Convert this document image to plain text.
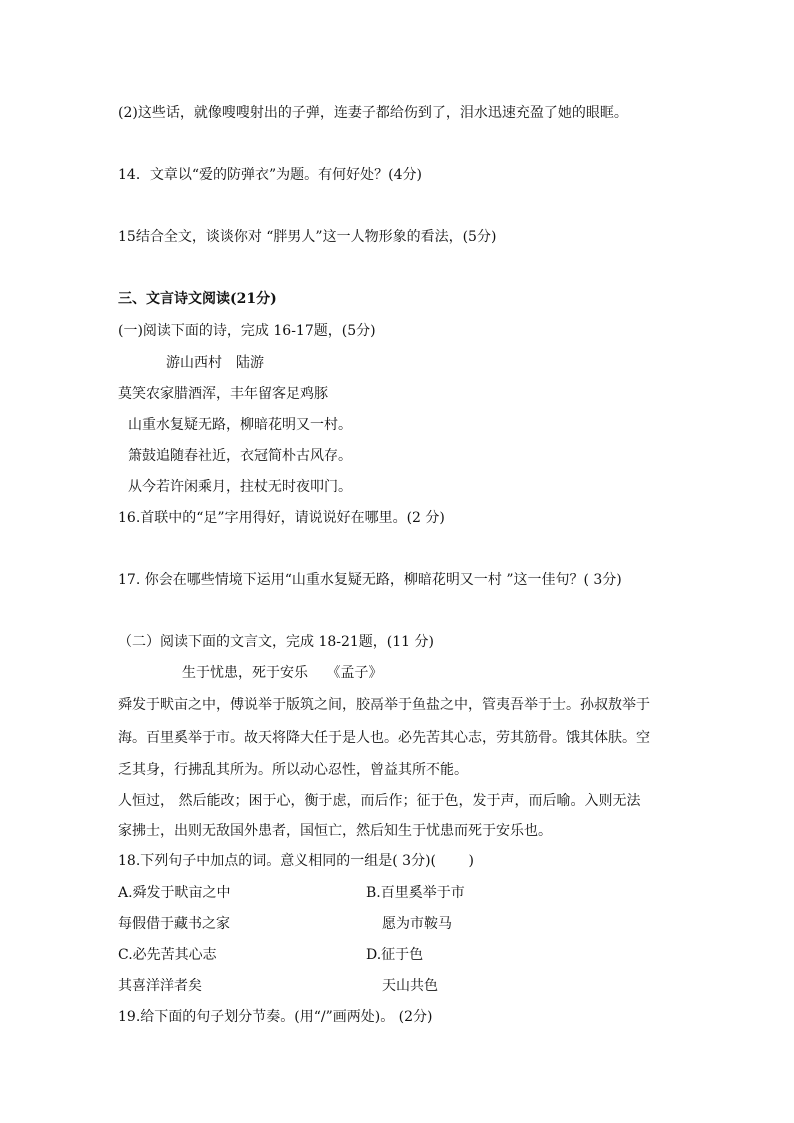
(2)这些话，就像嗖嗖射出的子弹，连妻子都给伤到了，泪水迅速充盈了她的眼眶。
14．文章以“爱的防弹衣”为题。有何好处？(4分)
15结合全文，谈谈你对 “胖男人”这一人物形象的看法，(5分)
三、文言诗文阅读(21分)
(一)阅读下面的诗，完成 16-17题，(5分)
游山西村　陆游
莫笑农家腊酒浑，丰年留客足鸡豚
山重水复疑无路，柳暗花明又一村。
箫鼓追随春社近，衣冠简朴古风存。
从今若许闲乘月，拄杖无时夜叩门。
16.首联中的“足”字用得好，请说说好在哪里。(2 分)
17. 你会在哪些情境下运用“山重水复疑无路，柳暗花明又一村 ”这一佳句？( 3分)
（二）阅读下面的文言文，完成 18-21题，(11 分)
生于忧患，死于安乐　 《孟子》
舜发于畎亩之中，傅说举于版筑之间，胶鬲举于鱼盐之中，管夷吾举于士。孙叔敖举于
海。百里奚举于市。故天将降大任于是人也。必先苦其心志，劳其筋骨。饿其体肤。空
乏其身，行拂乱其所为。所以动心忍性，曾益其所不能。
人恒过， 然后能改；困于心，衡于虑，而后作；征于色，发于声，而后喻。入则无法
家拂士，出则无敌国外患者，国恒亡，然后知生于忧患而死于安乐也。
18.下列句子中加点的词。意义相同的一组是( 3分)(　　 )
A.舜发于畎亩之中	B.百里奚举于市
每假借于藏书之家	愿为市鞍马
C.必先苦其心志	D.征于色
其喜洋洋者矣	天山共色
19.给下面的句子划分节奏。(用“/”画两处)。 (2分)
